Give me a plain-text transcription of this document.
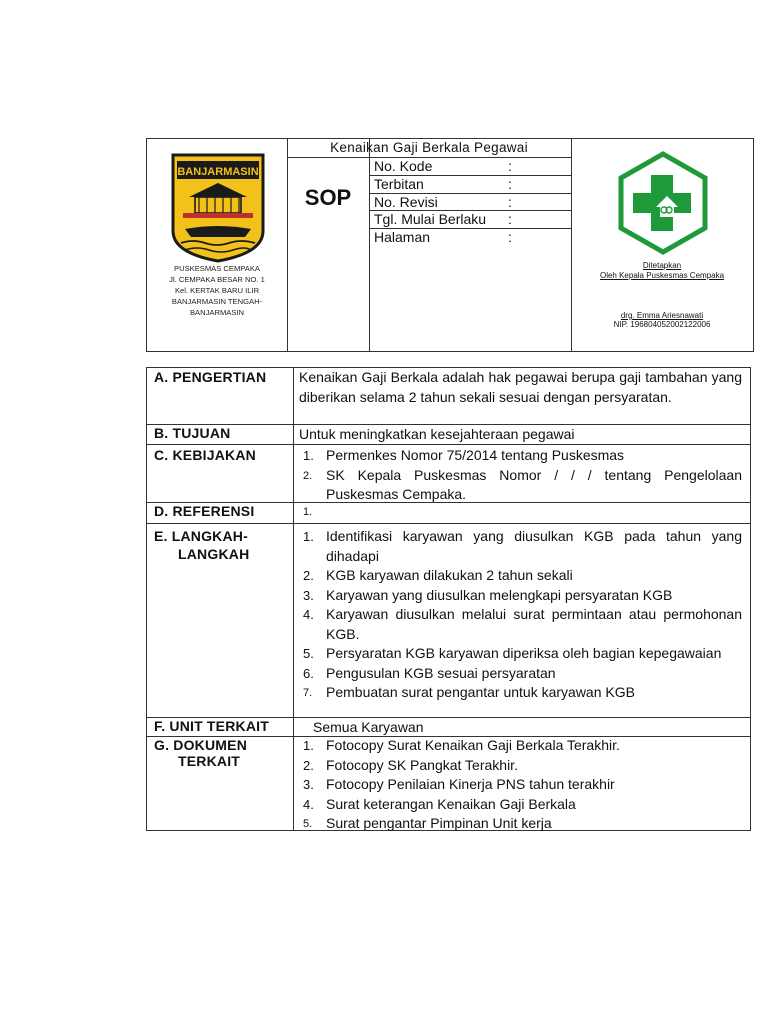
BANJARMASIN
PUSKESMAS CEMPAKA
Jl. CEMPAKA BESAR NO. 1
Kel. KERTAK BARU ILIR
BANJARMASIN TENGAH-
BANJARMASIN
Kenaikan Gaji Berkala Pegawai
SOP
No. Kode	:
Terbitan	:
No. Revisi	:
Tgl. Mulai Berlaku :
Halaman	:
Ditetapkan
Oleh Kepala Puskesmas Cempaka
drg. Emma Ariesnawati
NIP. 196804052002122006
A. PENGERTIAN Kenaikan Gaji Berkala adalah hak pegawai berupa gaji tambahan yang diberikan selama 2 tahun sekali sesuai dengan persyaratan.
B. TUJUAN	Untuk meningkatkan kesejahteraan pegawai
C. KEBIJAKAN	1. Permenkes Nomor 75/2014 tentang Puskesmas
2. SK Kepala Puskesmas Nomor / / / tentang Pengelolaan Puskesmas Cempaka.
D. REFERENSI	1.
E. LANGKAH-
LANGKAH
1. Identifikasi karyawan yang diusulkan KGB pada tahun yang dihadapi
2. KGB karyawan dilakukan 2 tahun sekali
3. Karyawan yang diusulkan melengkapi persyaratan KGB
4. Karyawan diusulkan melalui surat permintaan atau permohonan KGB.
5. Persyaratan KGB karyawan diperiksa oleh bagian kepegawaian
6. Pengusulan KGB sesuai persyaratan
7. Pembuatan surat pengantar untuk karyawan KGB
F. UNIT TERKAIT	Semua Karyawan
G. DOKUMEN
TERKAIT
1. Fotocopy Surat Kenaikan Gaji Berkala Terakhir.
2. Fotocopy SK Pangkat Terakhir.
3. Fotocopy Penilaian Kinerja PNS tahun terakhir
4. Surat keterangan Kenaikan Gaji Berkala
5. Surat pengantar Pimpinan Unit kerja
